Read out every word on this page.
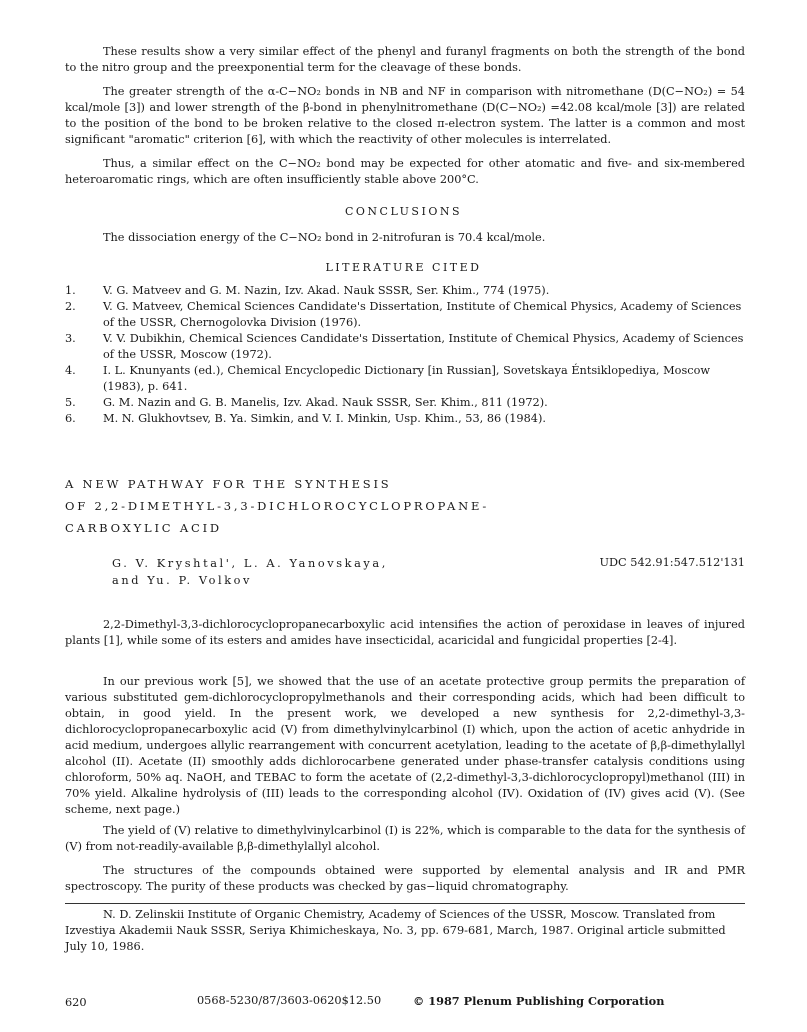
These results show a very similar effect of the phenyl and furanyl fragments on both the strength of the bond to the nitro group and the preexponential term for the cleavage of these bonds.
The greater strength of the α-C−NO₂ bonds in NB and NF in comparison with nitromethane (D(C−NO₂) = 54 kcal/mole [3]) and lower strength of the β-bond in phenylnitromethane (D(C−NO₂) =42.08 kcal/mole [3]) are related to the position of the bond to be broken relative to the closed π-electron system. The latter is a common and most significant "aromatic" criterion [6], with which the reactivity of other molecules is interrelated.
Thus, a similar effect on the C−NO₂ bond may be expected for other atomatic and five- and six-membered heteroaromatic rings, which are often insufficiently stable above 200°C.
CONCLUSIONS
The dissociation energy of the C−NO₂ bond in 2-nitrofuran is 70.4 kcal/mole.
LITERATURE CITED
1.	V. G. Matveev and G. M. Nazin, Izv. Akad. Nauk SSSR, Ser. Khim., 774 (1975).
2.	V. G. Matveev, Chemical Sciences Candidate's Dissertation, Institute of Chemical Physics, Academy of Sciences of the USSR, Chernogolovka Division (1976).
3.	V. V. Dubikhin, Chemical Sciences Candidate's Dissertation, Institute of Chemical Physics, Academy of Sciences of the USSR, Moscow (1972).
4.	I. L. Knunyants (ed.), Chemical Encyclopedic Dictionary [in Russian], Sovetskaya Éntsiklopediya, Moscow (1983), p. 641.
5.	G. M. Nazin and G. B. Manelis, Izv. Akad. Nauk SSSR, Ser. Khim., 811 (1972).
6.	M. N. Glukhovtsev, B. Ya. Simkin, and V. I. Minkin, Usp. Khim., 53, 86 (1984).
A NEW PATHWAY FOR THE SYNTHESIS
OF 2,2-DIMETHYL-3,3-DICHLOROCYCLOPROPANE-
CARBOXYLIC ACID
G. V. Kryshtal', L. A. Yanovskaya,
and Yu. P. Volkov
UDC 542.91:547.512'131
2,2-Dimethyl-3,3-dichlorocyclopropanecarboxylic acid intensifies the action of peroxidase in leaves of injured plants [1], while some of its esters and amides have insecticidal, acaricidal and fungicidal properties [2-4].
In our previous work [5], we showed that the use of an acetate protective group permits the preparation of various substituted gem-dichlorocyclopropylmethanols and their corresponding acids, which had been difficult to obtain, in good yield. In the present work, we developed a new synthesis for 2,2-dimethyl-3,3-dichlorocyclopropanecarboxylic acid (V) from dimethylvinylcarbinol (I) which, upon the action of acetic anhydride in acid medium, undergoes allylic rearrangement with concurrent acetylation, leading to the acetate of β,β-dimethylallyl alcohol (II). Acetate (II) smoothly adds dichlorocarbene generated under phase-transfer catalysis conditions using chloroform, 50% aq. NaOH, and TEBAC to form the acetate of (2,2-dimethyl-3,3-dichlorocyclopropyl)methanol (III) in 70% yield. Alkaline hydrolysis of (III) leads to the corresponding alcohol (IV). Oxidation of (IV) gives acid (V). (See scheme, next page.)
The yield of (V) relative to dimethylvinylcarbinol (I) is 22%, which is comparable to the data for the synthesis of (V) from not-readily-available β,β-dimethylallyl alcohol.
The structures of the compounds obtained were supported by elemental analysis and IR and PMR spectroscopy. The purity of these products was checked by gas−liquid chromatography.
N. D. Zelinskii Institute of Organic Chemistry, Academy of Sciences of the USSR, Moscow. Translated from Izvestiya Akademii Nauk SSSR, Seriya Khimicheskaya, No. 3, pp. 679-681, March, 1987. Original article submitted July 10, 1986.
620	0568-5230/87/3603-0620$12.50	© 1987 Plenum Publishing Corporation
